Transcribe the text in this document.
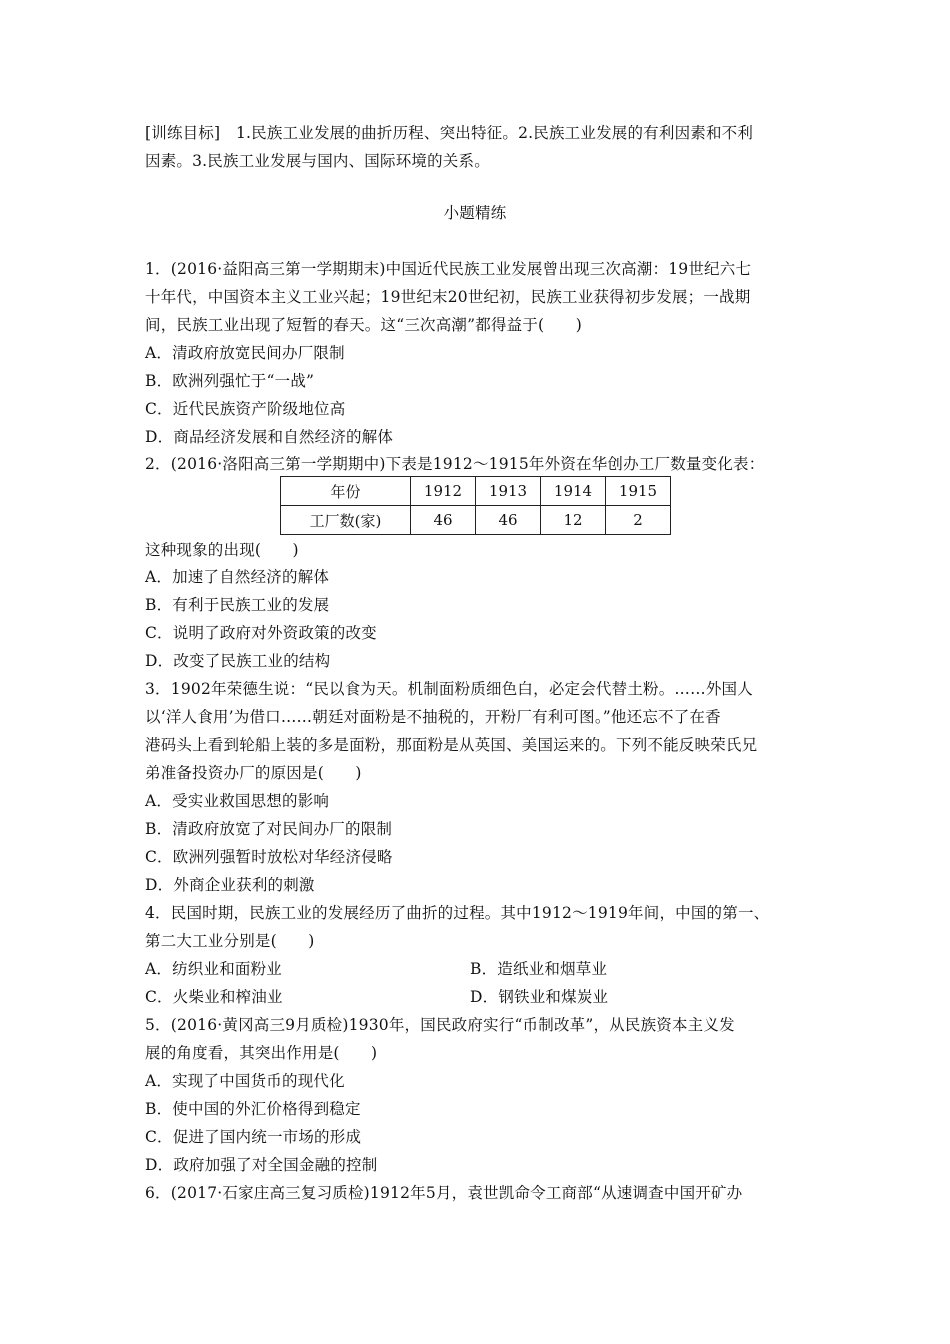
[训练目标]　1.民族工业发展的曲折历程、突出特征。2.民族工业发展的有利因素和不利
因素。3.民族工业发展与国内、国际环境的关系。
小题精练
1．(2016·益阳高三第一学期期末)中国近代民族工业发展曾出现三次高潮：19世纪六七
十年代，中国资本主义工业兴起；19世纪末20世纪初，民族工业获得初步发展；一战期
间，民族工业出现了短暂的春天。这“三次高潮”都得益于(　　)
A．清政府放宽民间办厂限制
B．欧洲列强忙于“一战”
C．近代民族资产阶级地位高
D．商品经济发展和自然经济的解体
2．(2016·洛阳高三第一学期期中)下表是1912～1915年外资在华创办工厂数量变化表：
年份	1912	1913	1914	1915
工厂数(家)	46	46	12	2
这种现象的出现(　　)
A．加速了自然经济的解体
B．有利于民族工业的发展
C．说明了政府对外资政策的改变
D．改变了民族工业的结构
3．1902年荣德生说：“民以食为天。机制面粉质细色白，必定会代替土粉。……外国人
以‘洋人食用’为借口……朝廷对面粉是不抽税的，开粉厂有利可图。”他还忘不了在香
港码头上看到轮船上装的多是面粉，那面粉是从英国、美国运来的。下列不能反映荣氏兄
弟准备投资办厂的原因是(　　)
A．受实业救国思想的影响
B．清政府放宽了对民间办厂的限制
C．欧洲列强暂时放松对华经济侵略
D．外商企业获利的刺激
4．民国时期，民族工业的发展经历了曲折的过程。其中1912～1919年间，中国的第一、
第二大工业分别是(　　)
A．纺织业和面粉业	B．造纸业和烟草业
C．火柴业和榨油业	D．钢铁业和煤炭业
5．(2016·黄冈高三9月质检)1930年，国民政府实行“币制改革”，从民族资本主义发
展的角度看，其突出作用是(　　)
A．实现了中国货币的现代化
B．使中国的外汇价格得到稳定
C．促进了国内统一市场的形成
D．政府加强了对全国金融的控制
6．(2017·石家庄高三复习质检)1912年5月，袁世凯命令工商部“从速调查中国开矿办
